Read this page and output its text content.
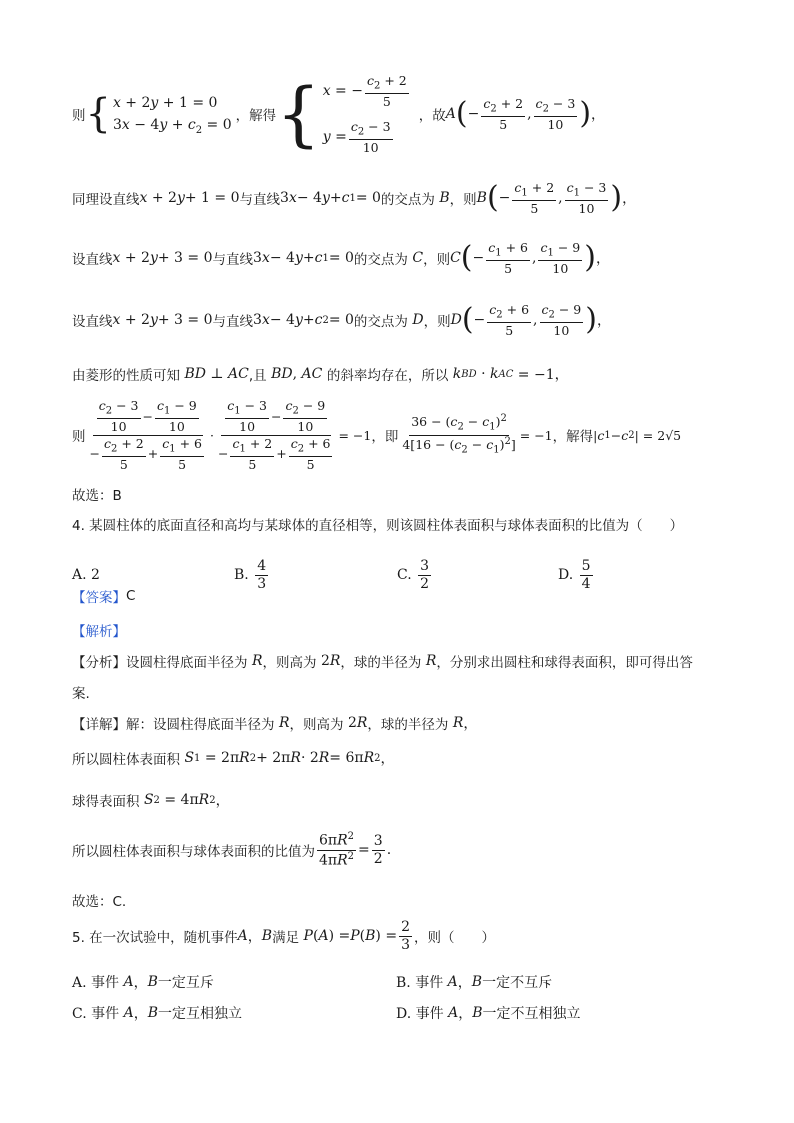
则 { x + 2y + 1 = 0
$3x - 4y + c_2 = 0$
，解得 { x = − $\frac{c_2 + 2}{5}$
$y = \frac{c_2 - 3}{10}$
，故 A ( − $\frac{c_2 + 2}{5}$ , $\frac{c_2 - 3}{10}$ ) ，
同理设直线 x + 2 y + 1 = 0 与直线 3 x − 4 y + c 1 = 0 的交点为 B ，则 B ( − $\frac{c_1 + 2}{5}$ , $\frac{c_1 - 3}{10}$ ) ，
设直线 x + 2 y + 3 = 0 与直线 3 x − 4 y + c 1 = 0 的交点为 C ，则 C ( − $\frac{c_1 + 6}{5}$ , $\frac{c_1 - 9}{10}$ ) ，
设直线 x + 2 y + 3 = 0 与直线 3 x − 4 y + c 2 = 0 的交点为 D ，则 D ( − $\frac{c_2 + 6}{5}$ , $\frac{c_2 - 9}{10}$ ) ，
由菱形的性质可知
BD ⊥ AC ,且
BD , AC
的斜率均存在，所以
k BD · k AC = −1，
则 $\frac{\frac{c_2 - 3}{10} - \frac{c_1 - 9}{10}}{- \frac{c_2 + 2}{5} + \frac{c_1 + 6}{5}} \cdot \frac{\frac{c_1 - 3}{10} - \frac{c_2 - 9}{10}}{- \frac{c_1 + 2}{5} + \frac{c_2 + 6}{5}} = -1$ ，即 $\frac{36 - (c_2 - c_1)^2}{4[16 - (c_2 - c_1)^2]} = -1$ ，解得 | c 1 − c 2 | = 2√5
故选：B
4. 某圆柱体的底面直径和高均与某球体的直径相等，则该圆柱体表面积与球体表面积的比值为（　　）
A. 2	B.
$\frac{4}{3}$	C.
$\frac{3}{2}$	D.
$\frac{5}{4}$
【答案】 C
【解析】
【分析】 设圆柱得底面半径为
R ，则高为 2 R ，球的半径为
R ，分别求出圆柱和球得表面积，即可得出答
案.
【详解】 解：设圆柱得底面半径为
R ，则高为 2 R ，球的半径为
R ，
所以圆柱体表面积
S 1 = 2π R 2 + 2π R · 2 R = 6π R 2 ，
球得表面积
S 2 = 4π R 2 ，
所以圆柱体表面积与球体表面积的比值为 $\frac{6\pi R^2}{4\pi R^2} = \frac{3}{2}$ .
故选：C.
5. 在一次试验中，随机事件 A ， B 满足
P ( A ) = P ( B ) = $\frac{2}{3}$ ，则（　　）
A. 事件
A ， B 一定互斥	B. 事件
A ， B 一定不互斥
C. 事件
A ， B 一定互相独立	D. 事件
A ， B 一定不互相独立
